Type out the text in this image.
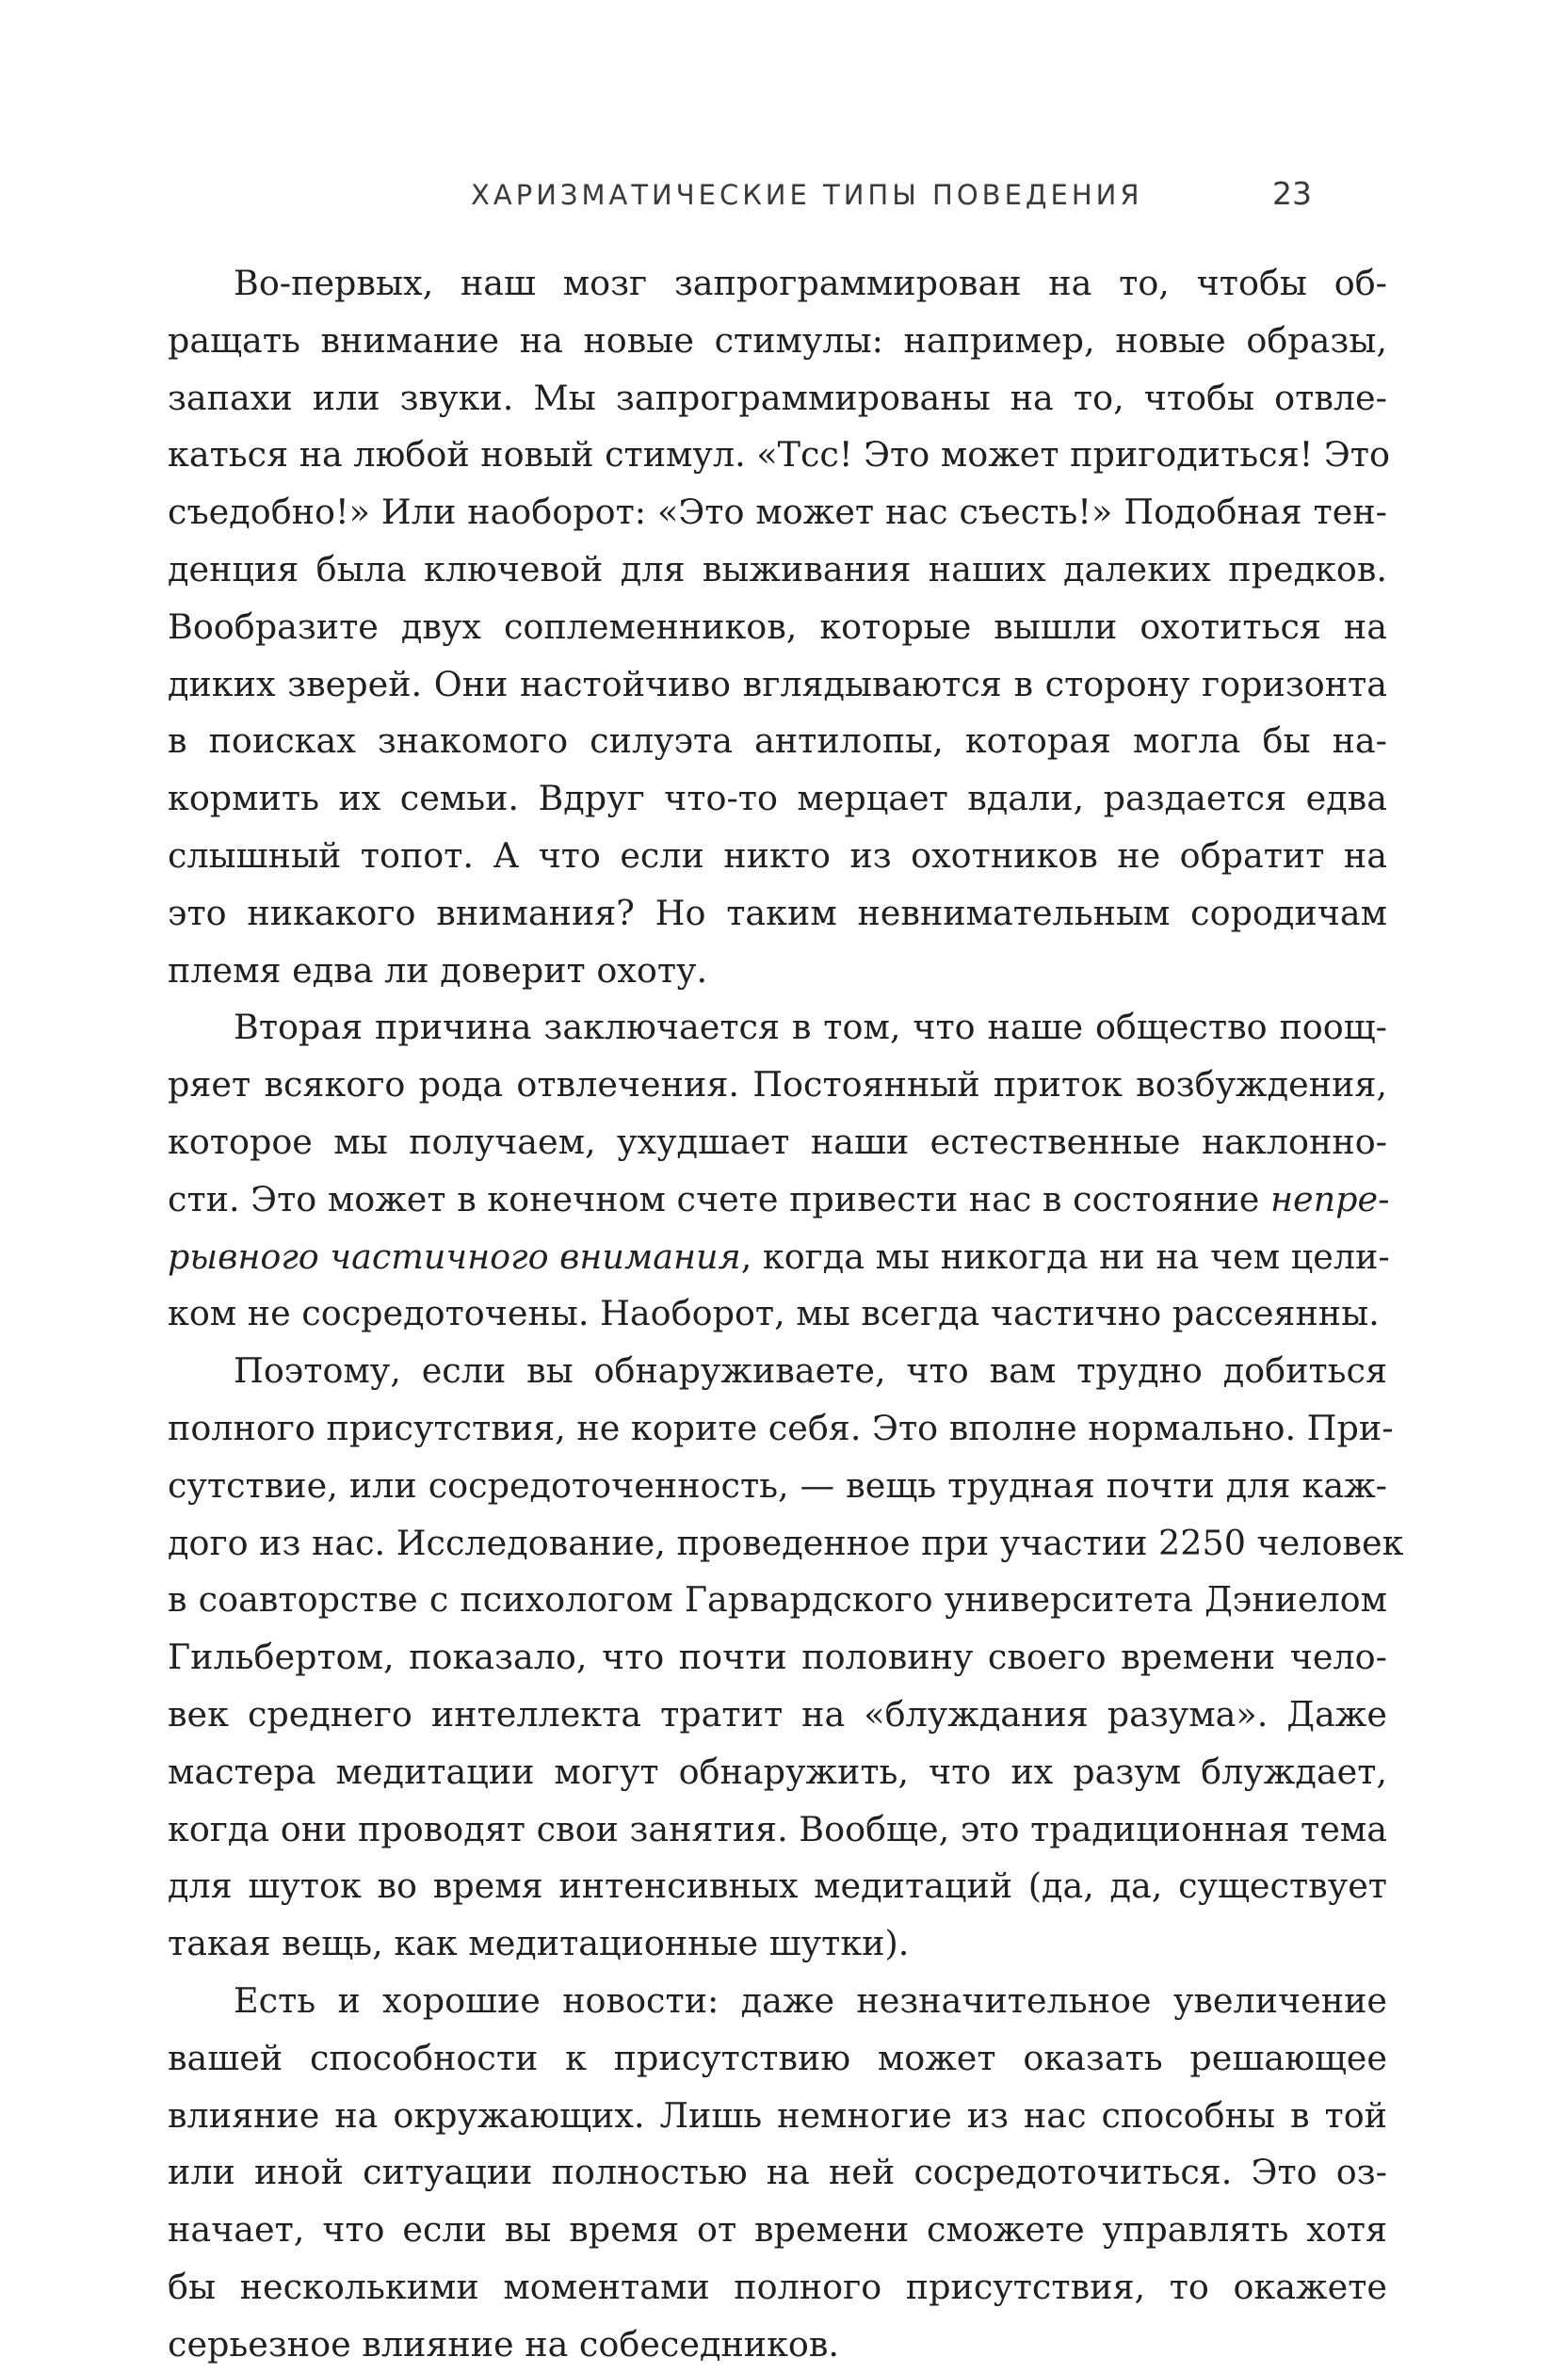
ХАРИЗМАТИЧЕСКИЕ ТИПЫ ПОВЕДЕНИЯ	23
Во-первых, наш мозг запрограммирован на то, чтобы об-
ращать внимание на новые стимулы: например, новые образы,
запахи или звуки. Мы запрограммированы на то, чтобы отвле-
каться на любой новый стимул. «Тсс! Это может пригодиться! Это
съедобно!» Или наоборот: «Это может нас съесть!» Подобная тен-
денция была ключевой для выживания наших далеких предков.
Вообразите двух соплеменников, которые вышли охотиться на
диких зверей. Они настойчиво вглядываются в сторону горизонта
в поисках знакомого силуэта антилопы, которая могла бы на-
кормить их семьи. Вдруг что-то мерцает вдали, раздается едва
слышный топот. А что если никто из охотников не обратит на
это никакого внимания? Но таким невнимательным сородичам
племя едва ли доверит охоту.
Вторая причина заключается в том, что наше общество поощ-
ряет всякого рода отвлечения. Постоянный приток возбуждения,
которое мы получаем, ухудшает наши естественные наклонно-
сти. Это может в конечном счете привести нас в состояние непре-
рывного частичного внимания, когда мы никогда ни на чем цели-
ком не сосредоточены. Наоборот, мы всегда частично рассеянны.
Поэтому, если вы обнаруживаете, что вам трудно добиться
полного присутствия, не корите себя. Это вполне нормально. При-
сутствие, или сосредоточенность, — вещь трудная почти для каж-
дого из нас. Исследование, проведенное при участии 2250 человек
в соавторстве с психологом Гарвардского университета Дэниелом
Гильбертом, показало, что почти половину своего времени чело-
век среднего интеллекта тратит на «блуждания разума». Даже
мастера медитации могут обнаружить, что их разум блуждает,
когда они проводят свои занятия. Вообще, это традиционная тема
для шуток во время интенсивных медитаций (да, да, существует
такая вещь, как медитационные шутки).
Есть и хорошие новости: даже незначительное увеличение
вашей способности к присутствию может оказать решающее
влияние на окружающих. Лишь немногие из нас способны в той
или иной ситуации полностью на ней сосредоточиться. Это оз-
начает, что если вы время от времени сможете управлять хотя
бы несколькими моментами полного присутствия, то окажете
серьезное влияние на собеседников.
